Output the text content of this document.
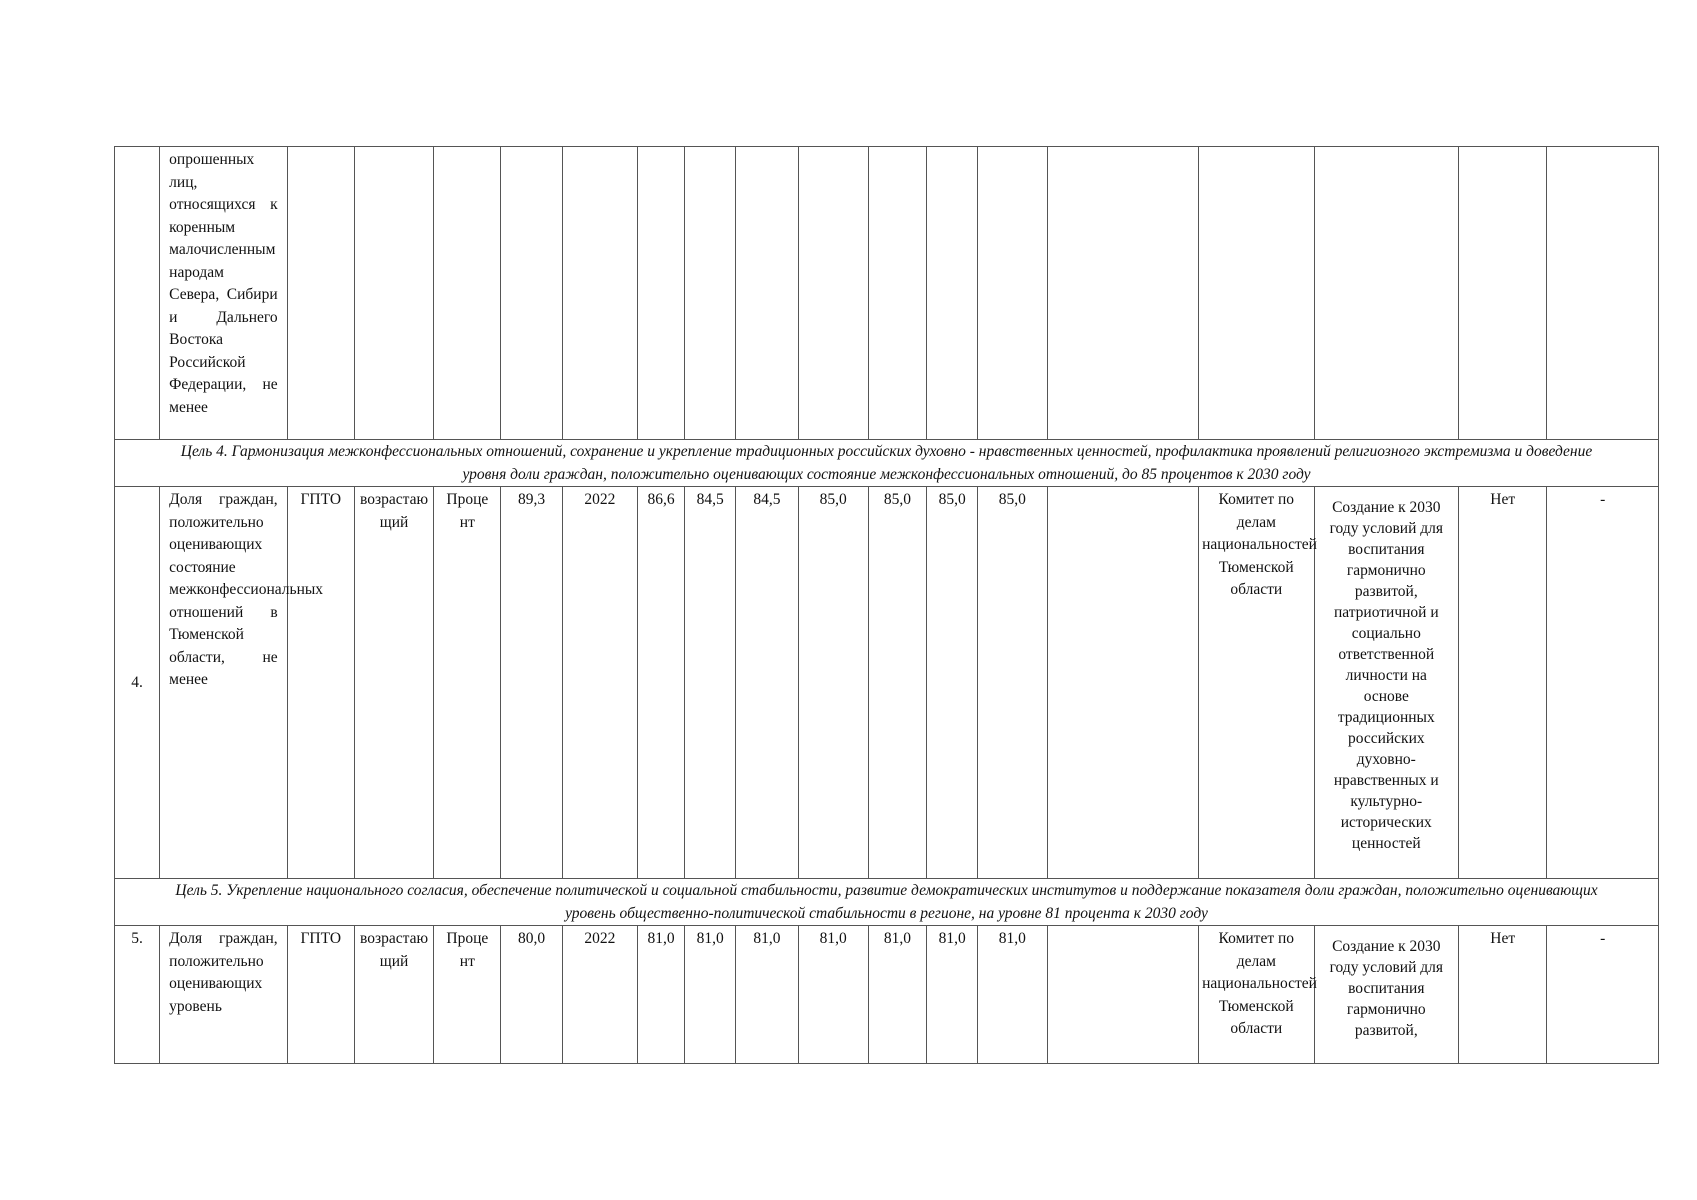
	опрошенных лиц, относящихся к коренным малочисленным народам Севера, Сибири и Дальнего Востока Российской Федерации, не менее																	
Цель 4. Гармонизация межконфессиональных отношений, сохранение и укрепление традиционных российских духовно - нравственных ценностей, профилактика проявлений религиозного экстремизма и доведение уровня доли граждан, положительно оценивающих состояние межконфессиональных отношений, до 85 процентов к 2030 году																		
4.	Доля граждан, положительно оценивающих состояние межконфессиональных отношений в Тюменской области, не менее	ГПТО	возрастающий	Процент	89,3	2022	86,6	84,5	84,5	85,0	85,0	85,0	85,0		Комитет по делам национальностей Тюменской области	Создание к 2030 году условий для воспитания гармонично развитой, патриотичной и социально ответственной личности на основе традиционных российских духовно-нравственных и культурно-исторических ценностей	Нет	-
Цель 5. Укрепление национального согласия, обеспечение политической и социальной стабильности, развитие демократических институтов и поддержание показателя доли граждан, положительно оценивающих уровень общественно-политической стабильности в регионе, на уровне 81 процента к 2030 году																		
5.	Доля граждан, положительно оценивающих уровень	ГПТО	возрастающий	Процент	80,0	2022	81,0	81,0	81,0	81,0	81,0	81,0	81,0		Комитет по делам национальностей Тюменской области	Создание к 2030 году условий для воспитания гармонично развитой,	Нет	-
